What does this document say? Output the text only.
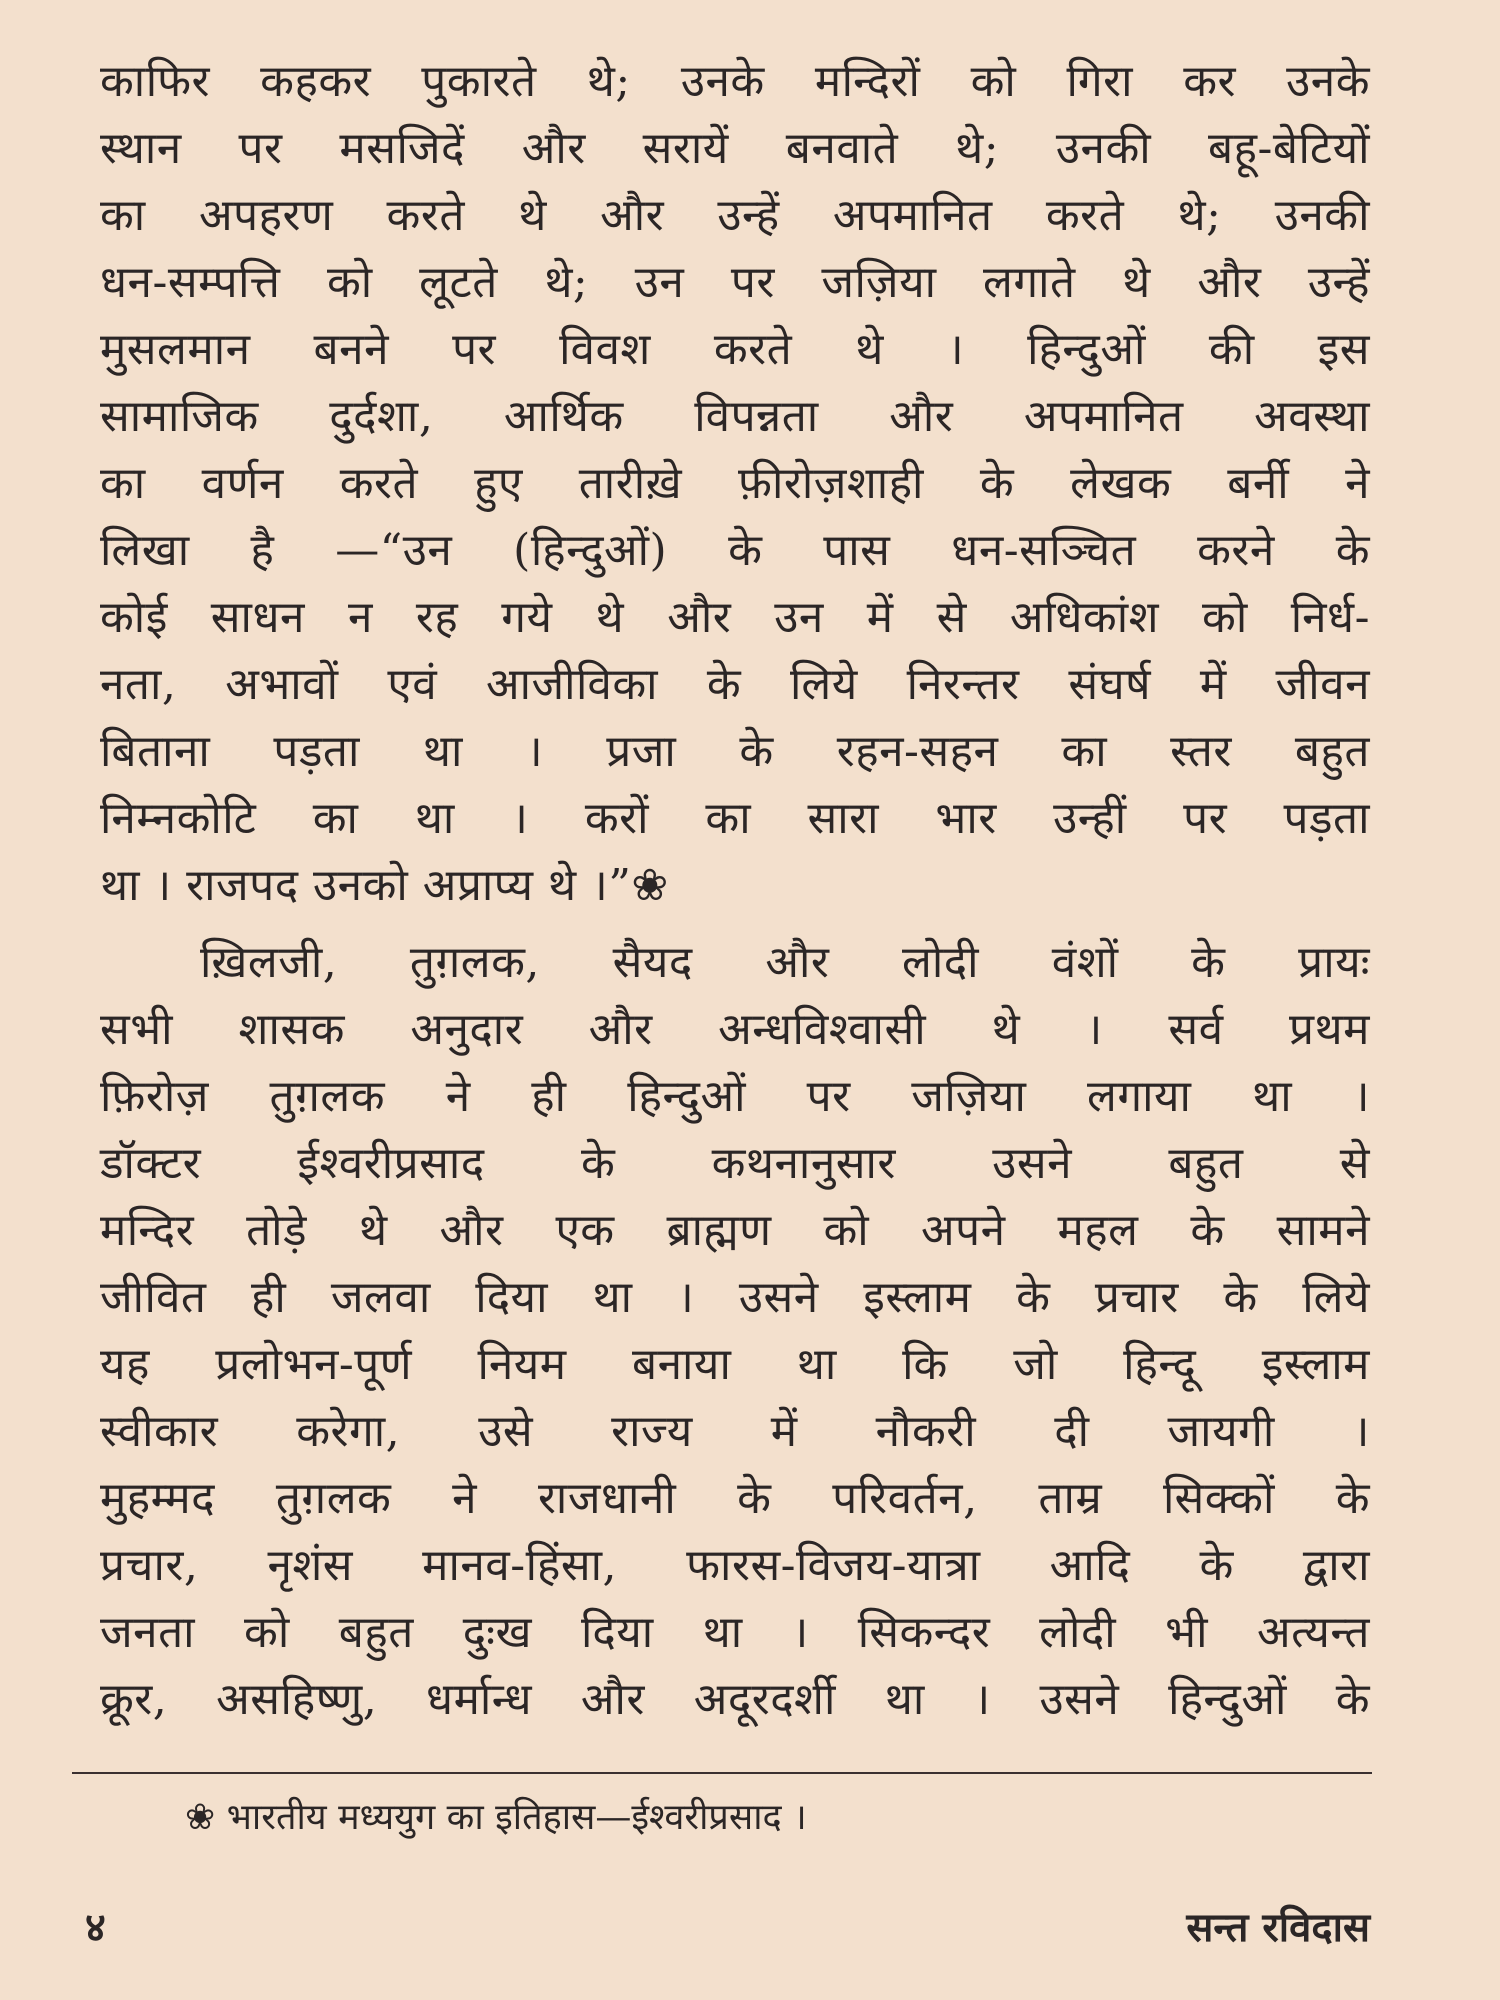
काफिर कहकर पुकारते थे; उनके मन्दिरों को गिरा कर उनके
स्थान पर मसजिदें और सरायें बनवाते थे; उनकी बहू-बेटियों
का अपहरण करते थे और उन्हें अपमानित करते थे; उनकी
धन-सम्पत्ति को लूटते थे; उन पर जज़िया लगाते थे और उन्हें
मुसलमान बनने पर विवश करते थे । हिन्दुओं की इस
सामाजिक दुर्दशा, आर्थिक विपन्नता और अपमानित अवस्था
का वर्णन करते हुए तारीख़े फ़ीरोज़शाही के लेखक बर्नी ने
लिखा है —“उन (हिन्दुओं) के पास धन-सञ्चित करने के
कोई साधन न रह गये थे और उन में से अधिकांश को निर्ध-
नता, अभावों एवं आजीविका के लिये निरन्तर संघर्ष में जीवन
बिताना पड़ता था । प्रजा के रहन-सहन का स्तर बहुत
निम्नकोटि का था । करों का सारा भार उन्हीं पर पड़ता
था । राजपद उनको अप्राप्य थे ।”❀
ख़िलजी, तुग़लक, सैयद और लोदी वंशों के प्रायः
सभी शासक अनुदार और अन्धविश्वासी थे । सर्व प्रथम
फ़िरोज़ तुग़लक ने ही हिन्दुओं पर जज़िया लगाया था ।
डॉक्टर ईश्वरीप्रसाद के कथनानुसार उसने बहुत से
मन्दिर तोड़े थे और एक ब्राह्मण को अपने महल के सामने
जीवित ही जलवा दिया था । उसने इस्लाम के प्रचार के लिये
यह प्रलोभन-पूर्ण नियम बनाया था कि जो हिन्दू इस्लाम
स्वीकार करेगा, उसे राज्य में नौकरी दी जायगी ।
मुहम्मद तुग़लक ने राजधानी के परिवर्तन, ताम्र सिक्कों के
प्रचार, नृशंस मानव-हिंसा, फारस-विजय-यात्रा आदि के द्वारा
जनता को बहुत दुःख दिया था । सिकन्दर लोदी भी अत्यन्त
क्रूर, असहिष्णु, धर्मान्ध और अदूरदर्शी था । उसने हिन्दुओं के
❀ भारतीय मध्ययुग का इतिहास—ईश्वरीप्रसाद ।
४	सन्त रविदास
